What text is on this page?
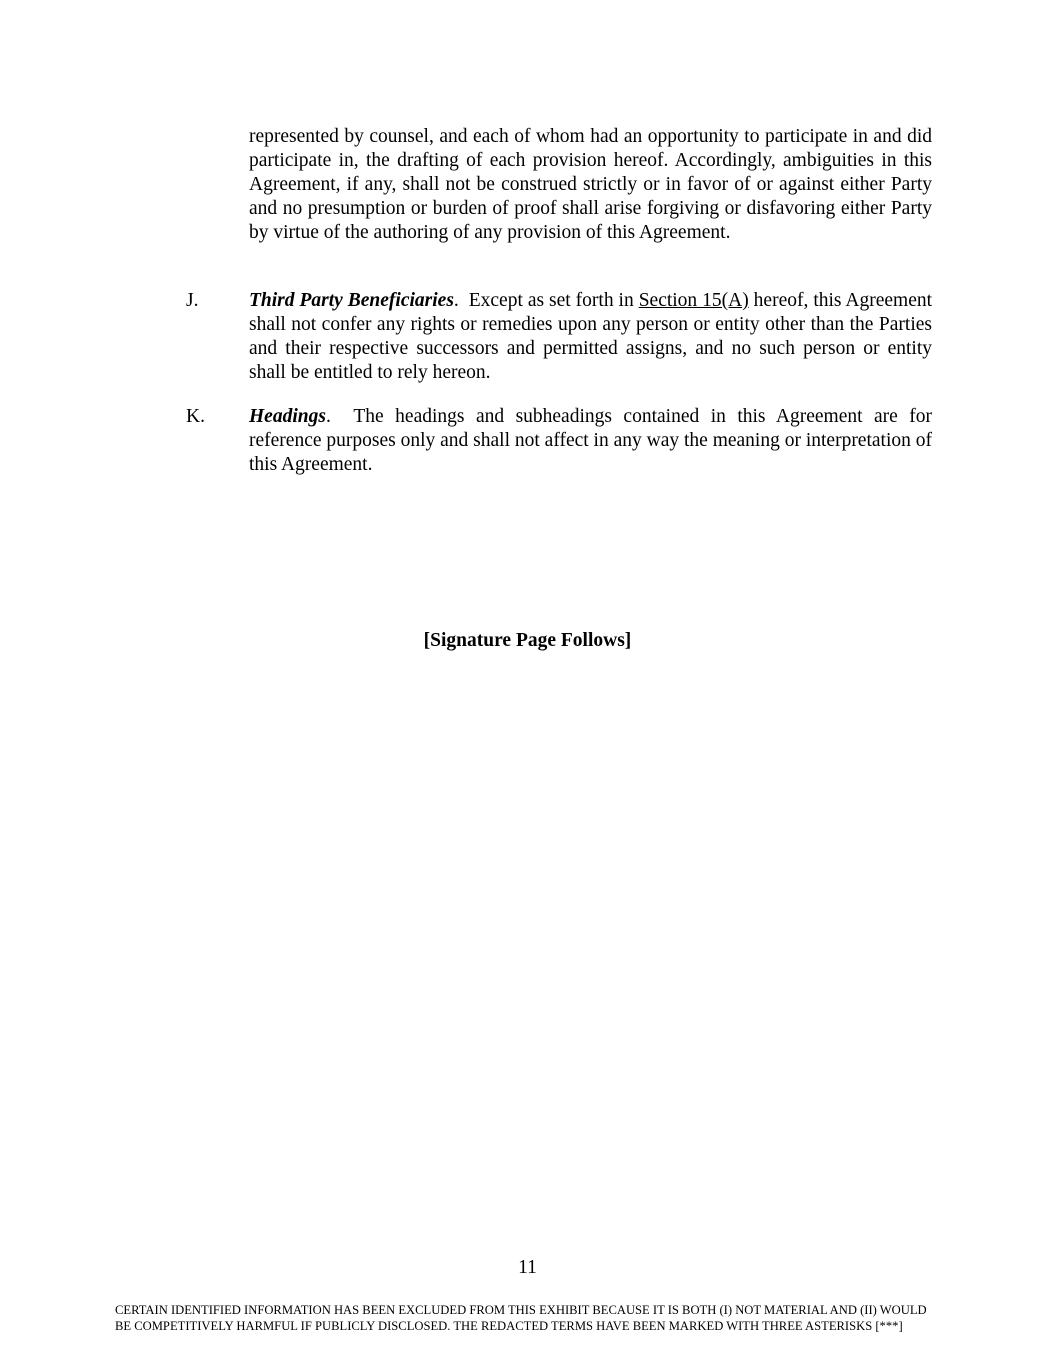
represented by counsel, and each of whom had an opportunity to participate in and did participate in, the drafting of each provision hereof. Accordingly, ambiguities in this Agreement, if any, shall not be construed strictly or in favor of or against either Party and no presumption or burden of proof shall arise forgiving or disfavoring either Party by virtue of the authoring of any provision of this Agreement.

J.	Third Party Beneficiaries. Except as set forth in Section 15(A) hereof, this Agreement shall not confer any rights or remedies upon any person or entity other than the Parties and their respective successors and permitted assigns, and no such person or entity shall be entitled to rely hereon.

K. Headings. The headings and subheadings contained in this Agreement are for reference purposes only and shall not affect in any way the meaning or interpretation of this Agreement.

[Signature Page Follows]
11
CERTAIN IDENTIFIED INFORMATION HAS BEEN EXCLUDED FROM THIS EXHIBIT BECAUSE IT IS BOTH (I) NOT MATERIAL AND (II) WOULD BE COMPETITIVELY HARMFUL IF PUBLICLY DISCLOSED. THE REDACTED TERMS HAVE BEEN MARKED WITH THREE ASTERISKS [***]
